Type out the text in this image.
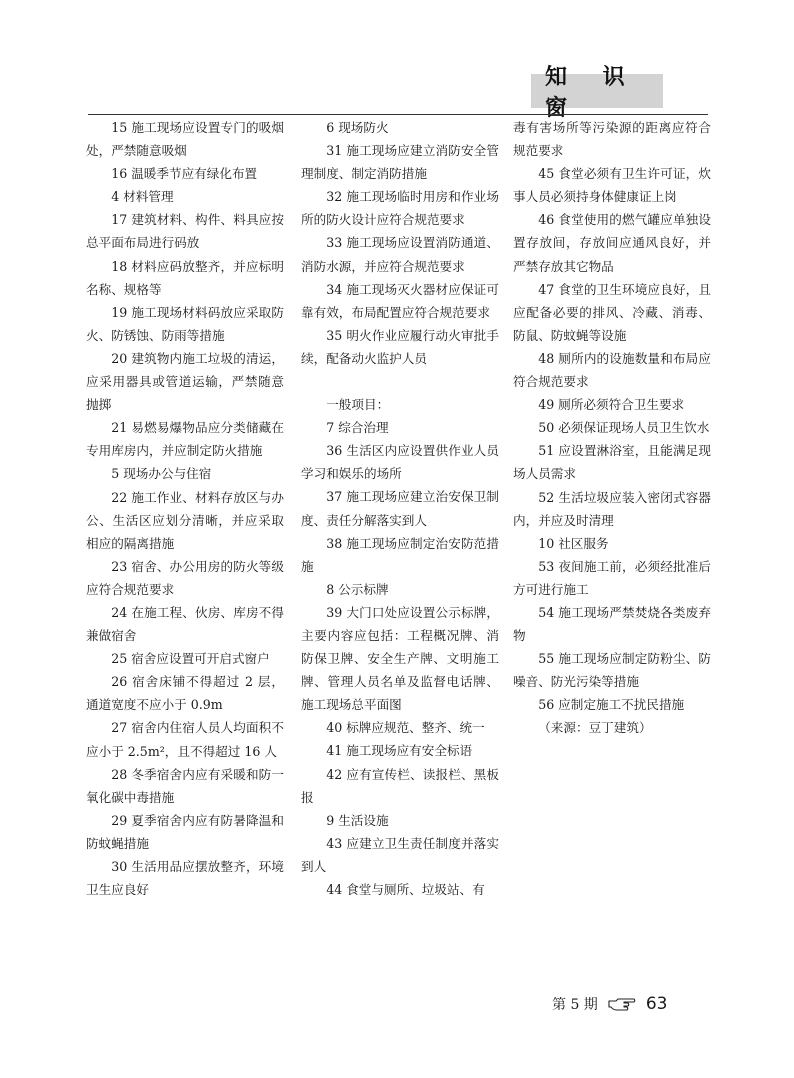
知 识 窗

15 施工现场应设置专门的吸烟处，严禁随意吸烟

16 温暖季节应有绿化布置

4 材料管理

17 建筑材料、构件、料具应按总平面布局进行码放

18 材料应码放整齐，并应标明名称、规格等

19 施工现场材料码放应采取防火、防锈蚀、防雨等措施

20 建筑物内施工垃圾的清运，应采用器具或管道运输，严禁随意抛掷

21 易燃易爆物品应分类储藏在专用库房内，并应制定防火措施

5 现场办公与住宿

22 施工作业、材料存放区与办公、生活区应划分清晰，并应采取相应的隔离措施

23 宿舍、办公用房的防火等级应符合规范要求

24 在施工程、伙房、库房不得兼做宿舍

25 宿舍应设置可开启式窗户

26 宿舍床铺不得超过 2 层，通道宽度不应小于 0.9m

27 宿舍内住宿人员人均面积不应小于 2.5m²，且不得超过 16 人

28 冬季宿舍内应有采暖和防一氧化碳中毒措施

29 夏季宿舍内应有防暑降温和防蚊蝇措施

30 生活用品应摆放整齐，环境卫生应良好

6 现场防火

31 施工现场应建立消防安全管理制度、制定消防措施

32 施工现场临时用房和作业场所的防火设计应符合规范要求

33 施工现场应设置消防通道、消防水源，并应符合规范要求

34 施工现场灭火器材应保证可靠有效，布局配置应符合规范要求

35 明火作业应履行动火审批手续，配备动火监护人员

一般项目：

7 综合治理

36 生活区内应设置供作业人员学习和娱乐的场所

37 施工现场应建立治安保卫制度、责任分解落实到人

38 施工现场应制定治安防范措施

8 公示标牌

39 大门口处应设置公示标牌，主要内容应包括：工程概况牌、消防保卫牌、安全生产牌、文明施工牌、管理人员名单及监督电话牌、施工现场总平面图

40 标牌应规范、整齐、统一

41 施工现场应有安全标语

42 应有宣传栏、读报栏、黑板报

9 生活设施

43 应建立卫生责任制度并落实到人

44 食堂与厕所、垃圾站、有

毒有害场所等污染源的距离应符合规范要求

45 食堂必须有卫生许可证，炊事人员必须持身体健康证上岗

46 食堂使用的燃气罐应单独设置存放间，存放间应通风良好，并严禁存放其它物品

47 食堂的卫生环境应良好，且应配备必要的排风、冷藏、消毒、防鼠、防蚊蝇等设施

48 厕所内的设施数量和布局应符合规范要求

49 厕所必须符合卫生要求

50 必须保证现场人员卫生饮水

51 应设置淋浴室，且能满足现场人员需求

52 生活垃圾应装入密闭式容器内，并应及时清理

10 社区服务

53 夜间施工前，必须经批准后方可进行施工

54 施工现场严禁焚烧各类废弃物

55 施工现场应制定防粉尘、防噪音、防光污染等措施

56 应制定施工不扰民措施

（来源：豆丁建筑）

第 5 期	63
